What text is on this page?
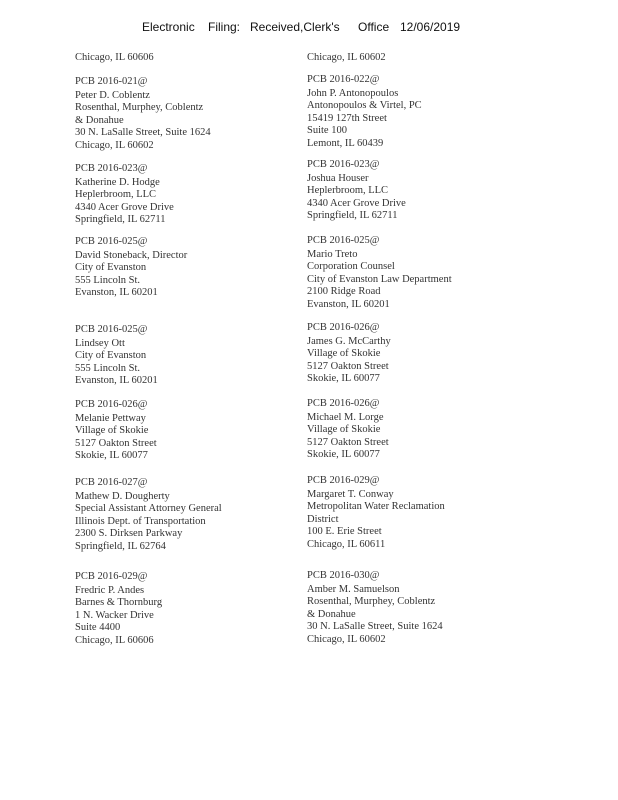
Electronic Filing: Received,Clerk's Office 12/06/2019
Chicago, IL 60606
PCB 2016-021@
Peter D. Coblentz
Rosenthal, Murphey, Coblentz
& Donahue
30 N. LaSalle Street, Suite 1624
Chicago, IL 60602
PCB 2016-023@
Katherine D. Hodge
Heplerbroom, LLC
4340 Acer Grove Drive
Springfield, IL 62711
PCB 2016-025@
David Stoneback, Director
City of Evanston
555 Lincoln St.
Evanston, IL 60201
PCB 2016-025@
Lindsey Ott
City of Evanston
555 Lincoln St.
Evanston, IL 60201
PCB 2016-026@
Melanie Pettway
Village of Skokie
5127 Oakton Street
Skokie, IL 60077
PCB 2016-027@
Mathew D. Dougherty
Special Assistant Attorney General
Illinois Dept. of Transportation
2300 S. Dirksen Parkway
Springfield, IL 62764
PCB 2016-029@
Fredric P. Andes
Barnes & Thornburg
1 N. Wacker Drive
Suite 4400
Chicago, IL 60606
Chicago, IL 60602
PCB 2016-022@
John P. Antonopoulos
Antonopoulos & Virtel, PC
15419 127th Street
Suite 100
Lemont, IL 60439
PCB 2016-023@
Joshua Houser
Heplerbroom, LLC
4340 Acer Grove Drive
Springfield, IL 62711
PCB 2016-025@
Mario Treto
Corporation Counsel
City of Evanston Law Department
2100 Ridge Road
Evanston, IL 60201
PCB 2016-026@
James G. McCarthy
Village of Skokie
5127 Oakton Street
Skokie, IL 60077
PCB 2016-026@
Michael M. Lorge
Village of Skokie
5127 Oakton Street
Skokie, IL 60077
PCB 2016-029@
Margaret T. Conway
Metropolitan Water Reclamation
District
100 E. Erie Street
Chicago, IL 60611
PCB 2016-030@
Amber M. Samuelson
Rosenthal, Murphey, Coblentz
& Donahue
30 N. LaSalle Street, Suite 1624
Chicago, IL 60602
